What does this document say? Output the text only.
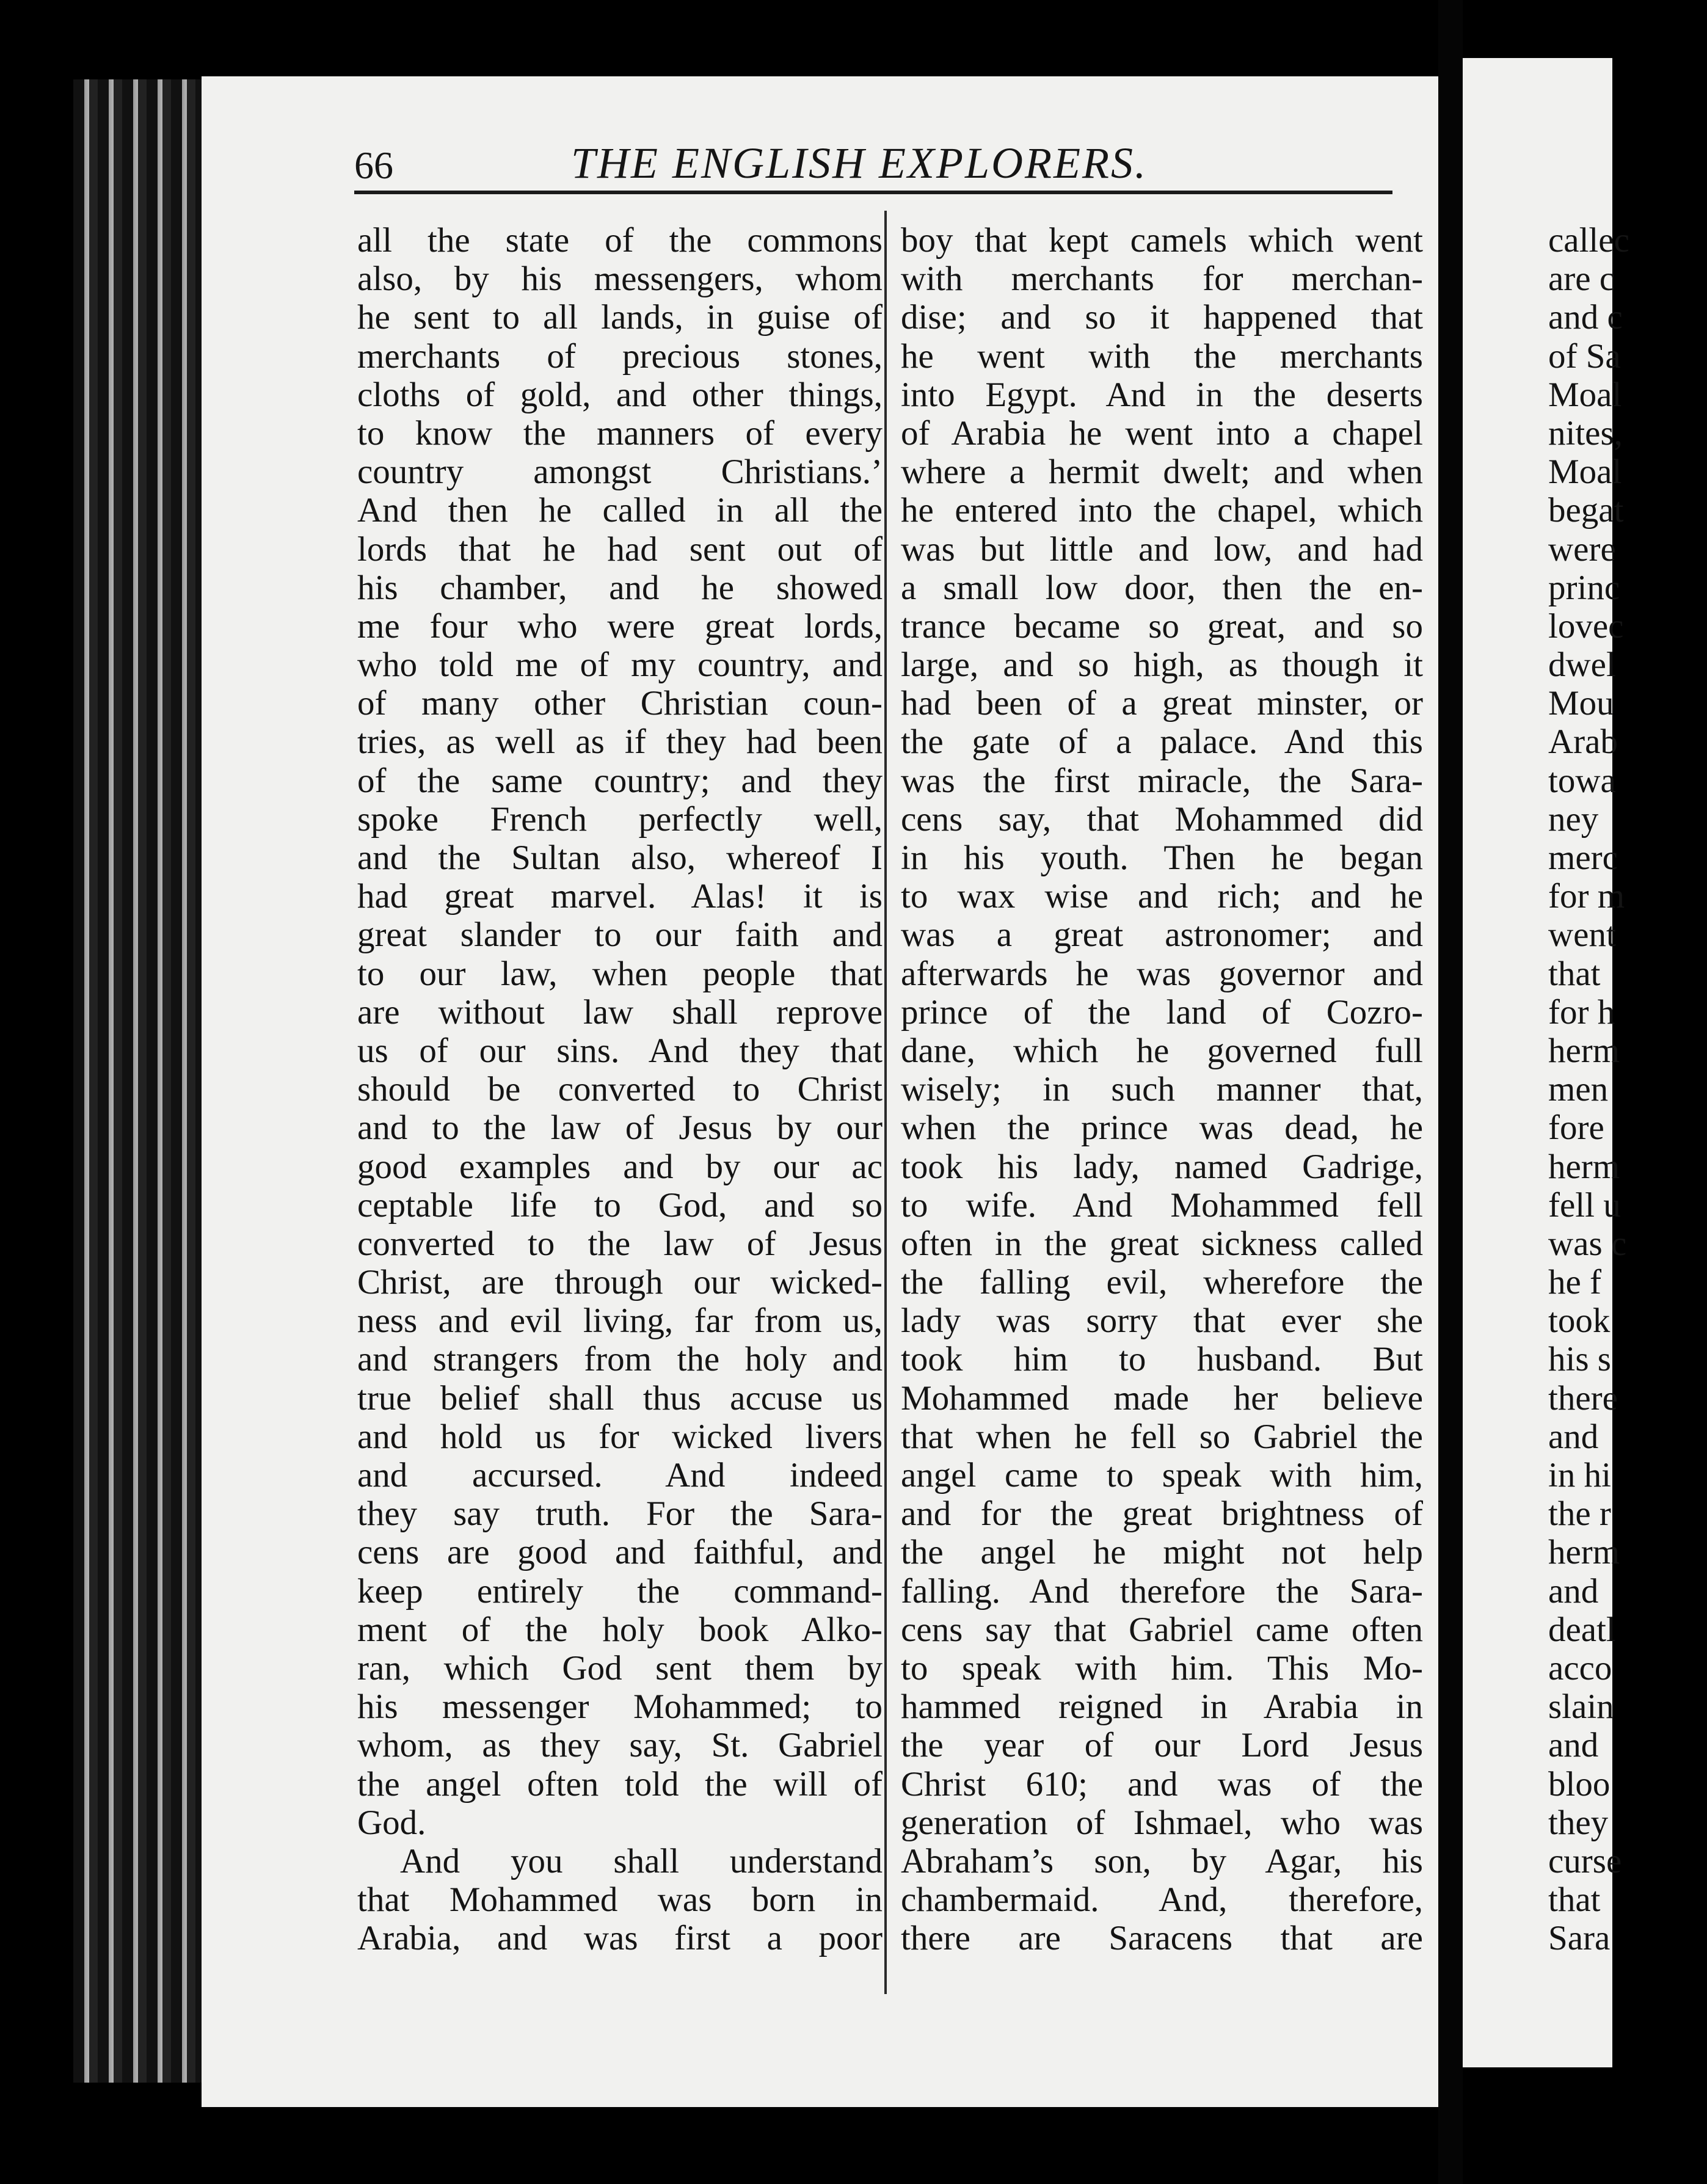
66	THE ENGLISH EXPLORERS.
all the state of the commons
also, by his messengers, whom
he sent to all lands, in guise of
merchants of precious stones,
cloths of gold, and other things,
to know the manners of every
country amongst Christians.’
And then he called in all the
lords that he had sent out of
his chamber, and he showed
me four who were great lords,
who told me of my country, and
of many other Christian coun-
tries, as well as if they had been
of the same country; and they
spoke French perfectly well,
and the Sultan also, whereof I
had great marvel. Alas! it is
great slander to our faith and
to our law, when people that
are without law shall reprove
us of our sins. And they that
should be converted to Christ
and to the law of Jesus by our
good examples and by our ac
ceptable life to God, and so
converted to the law of Jesus
Christ, are through our wicked-
ness and evil living, far from us,
and strangers from the holy and
true belief shall thus accuse us
and hold us for wicked livers
and accursed. And indeed
they say truth. For the Sara-
cens are good and faithful, and
keep entirely the command-
ment of the holy book Alko-
ran, which God sent them by
his messenger Mohammed; to
whom, as they say, St. Gabriel
the angel often told the will of
God.
And you shall understand
that Mohammed was born in
Arabia, and was first a poor
boy that kept camels which went
with merchants for merchan-
dise; and so it happened that
he went with the merchants
into Egypt. And in the deserts
of Arabia he went into a chapel
where a hermit dwelt; and when
he entered into the chapel, which
was but little and low, and had
a small low door, then the en-
trance became so great, and so
large, and so high, as though it
had been of a great minster, or
the gate of a palace. And this
was the first miracle, the Sara-
cens say, that Mohammed did
in his youth. Then he began
to wax wise and rich; and he
was a great astronomer; and
afterwards he was governor and
prince of the land of Cozro-
dane, which he governed full
wisely; in such manner that,
when the prince was dead, he
took his lady, named Gadrige,
to wife. And Mohammed fell
often in the great sickness called
the falling evil, wherefore the
lady was sorry that ever she
took him to husband. But
Mohammed made her believe
that when he fell so Gabriel the
angel came to speak with him,
and for the great brightness of
the angel he might not help
falling. And therefore the Sara-
cens say that Gabriel came often
to speak with him. This Mo-
hammed reigned in Arabia in
the year of our Lord Jesus
Christ 610; and was of the
generation of Ishmael, who was
Abraham’s son, by Agar, his
chambermaid. And, therefore,
there are Saracens that are
callec
are c
and c
of Sa
Moal
nites,
Moal
begat
were
princ
lovec
dwel
Mou
Arab
towa
ney
merc
for m
went
that
for h
herm
men
fore
herm
fell u
was c
he f
took
his s
there
and
in hi
the r
herm
and
deatl
acco
slain
and
bloo
they
curse
that
Sara
